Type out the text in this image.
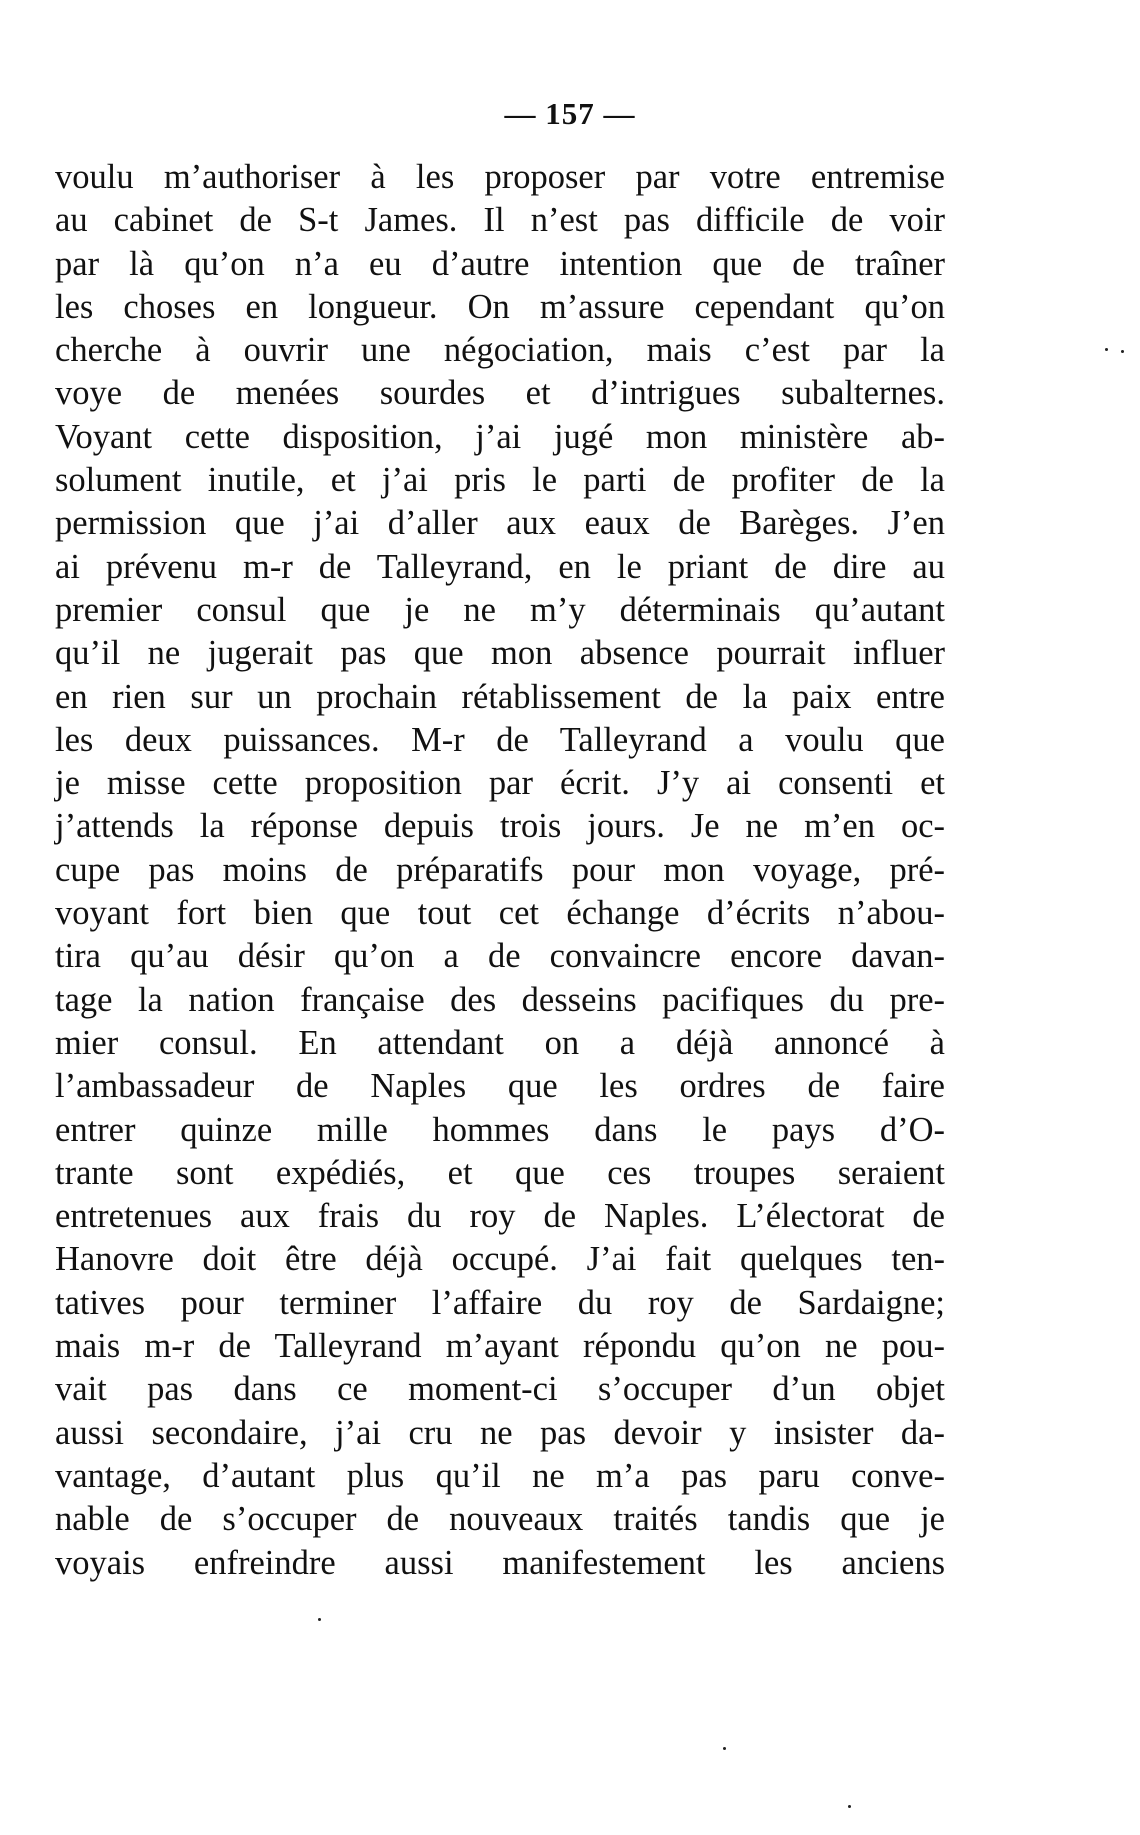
— 157 —
voulu m’authoriser à les proposer par votre entremise
au cabinet de S-t James. Il n’est pas difficile de voir
par là qu’on n’a eu d’autre intention que de traîner
les choses en longueur. On m’assure cependant qu’on
cherche à ouvrir une négociation, mais c’est par la
voye de menées sourdes et d’intrigues subalternes.
Voyant cette disposition, j’ai jugé mon ministère ab-
solument inutile, et j’ai pris le parti de profiter de la
permission que j’ai d’aller aux eaux de Barèges. J’en
ai prévenu m-r de Talleyrand, en le priant de dire au
premier consul que je ne m’y déterminais qu’autant
qu’il ne jugerait pas que mon absence pourrait influer
en rien sur un prochain rétablissement de la paix entre
les deux puissances. M-r de Talleyrand a voulu que
je misse cette proposition par écrit. J’y ai consenti et
j’attends la réponse depuis trois jours. Je ne m’en oc-
cupe pas moins de préparatifs pour mon voyage, pré-
voyant fort bien que tout cet échange d’écrits n’abou-
tira qu’au désir qu’on a de convaincre encore davan-
tage la nation française des desseins pacifiques du pre-
mier consul. En attendant on a déjà annoncé à
l’ambassadeur de Naples que les ordres de faire
entrer quinze mille hommes dans le pays d’O-
trante sont expédiés, et que ces troupes seraient
entretenues aux frais du roy de Naples. L’électorat de
Hanovre doit être déjà occupé. J’ai fait quelques ten-
tatives pour terminer l’affaire du roy de Sardaigne;
mais m-r de Talleyrand m’ayant répondu qu’on ne pou-
vait pas dans ce moment-ci s’occuper d’un objet
aussi secondaire, j’ai cru ne pas devoir y insister da-
vantage, d’autant plus qu’il ne m’a pas paru conve-
nable de s’occuper de nouveaux traités tandis que je
voyais enfreindre aussi manifestement les anciens
